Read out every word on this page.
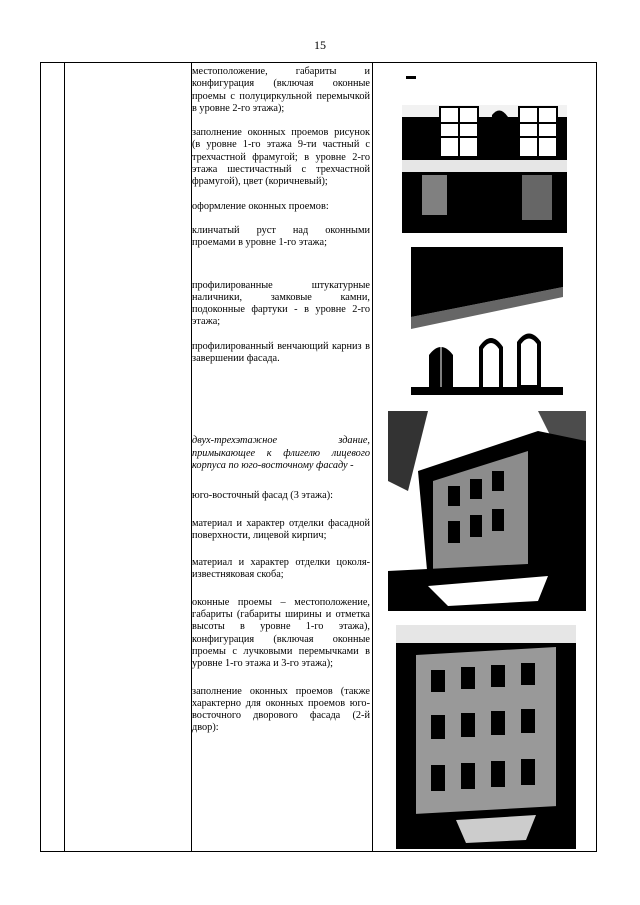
15

местоположение, габариты и конфигурация (включая оконные проемы с полуциркульной перемычкой в уровне 2-го этажа);

заполнение оконных проемов рисунок (в уровне 1-го этажа 9-ти частный с трехчастной фрамугой; в уровне 2-го этажа шестичастный с трехчастной фрамугой), цвет (коричневый);

оформление оконных проемов:

клинчатый руст над оконными проемами в уровне 1-го этажа;

профилированные штукатурные наличники, замковые камни, подоконные фартуки - в уровне 2-го этажа;

профилированный венчающий карниз в завершении фасада.

двух-трехэтажное здание, примыкающее к флигелю лицевого корпуса по юго-восточному фасаду -

юго-восточный фасад (3 этажа):

материал и характер отделки фасадной поверхности, лицевой кирпич;

материал и характер отделки цоколя- известняковая скоба;

оконные проемы – местоположение, габариты (габариты ширины и отметка высоты в уровне 1-го этажа), конфигурация (включая оконные проемы с лучковыми перемычками в уровне 1-го этажа и 3-го этажа);

заполнение оконных проемов (также характерно для оконных проемов юго-восточного дворового фасада (2-й двор):
